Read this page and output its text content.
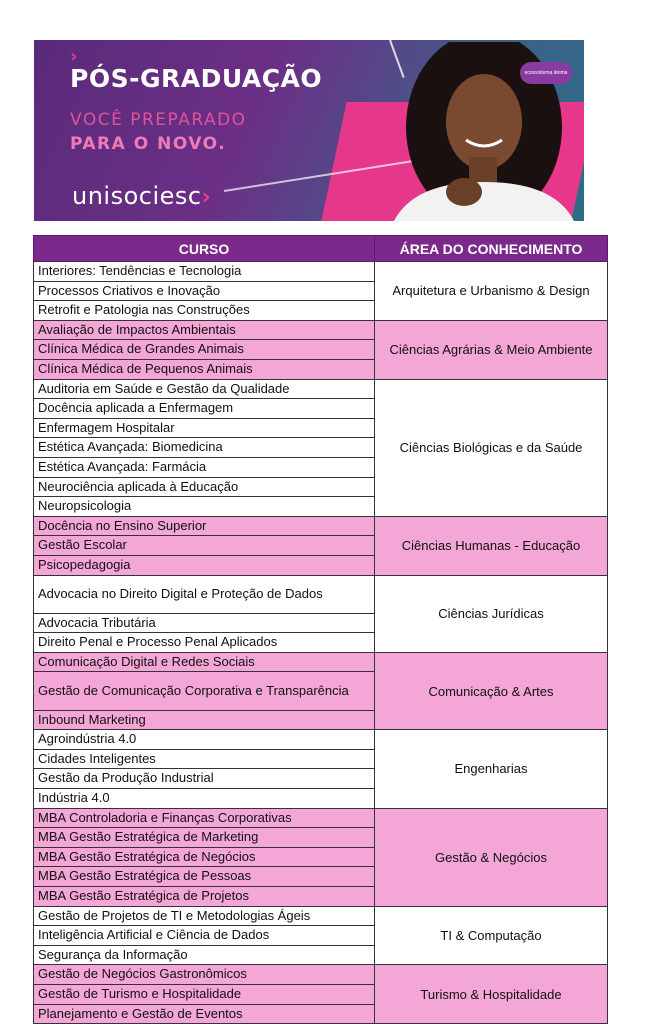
›
PÓS-GRADUAÇÃO
VOCÊ PREPARADO
PARA O NOVO.
unisociesc›
ecossistema ânima
CURSO	ÁREA DO CONHECIMENTO
Interiores: Tendências e Tecnologia	Arquitetura e Urbanismo & Design
Processos Criativos e Inovação	
Retrofit e Patologia nas Construções	
Avaliação de Impactos Ambientais	Ciências Agrárias & Meio Ambiente
Clínica Médica de Grandes Animais	
Clínica Médica de Pequenos Animais	
Auditoria em Saúde e Gestão da Qualidade	Ciências Biológicas e da Saúde
Docência aplicada a Enfermagem	
Enfermagem Hospitalar	
Estética Avançada: Biomedicina	
Estética Avançada: Farmácia	
Neurociência aplicada à Educação	
Neuropsicologia	
Docência no Ensino Superior	Ciências Humanas - Educação
Gestão Escolar	
Psicopedagogia	
Advocacia no Direito Digital e Proteção de Dados	Ciências Jurídicas
Advocacia Tributária	
Direito Penal e Processo Penal Aplicados	
Comunicação Digital e Redes Sociais	Comunicação & Artes
Gestão de Comunicação Corporativa e Transparência	
Inbound Marketing	
Agroindústria 4.0	Engenharias
Cidades Inteligentes	
Gestão da Produção Industrial	
Indústria 4.0	
MBA Controladoria e Finanças Corporativas	Gestão & Negócios
MBA Gestão Estratégica de Marketing	
MBA Gestão Estratégica de Negócios	
MBA Gestão Estratégica de Pessoas	
MBA Gestão Estratégica de Projetos	
Gestão de Projetos de TI e Metodologias Ágeis	TI & Computação
Inteligência Artificial e Ciência de Dados	
Segurança da Informação	
Gestão de Negócios Gastronômicos	Turismo & Hospitalidade
Gestão de Turismo e Hospitalidade	
Planejamento e Gestão de Eventos	
